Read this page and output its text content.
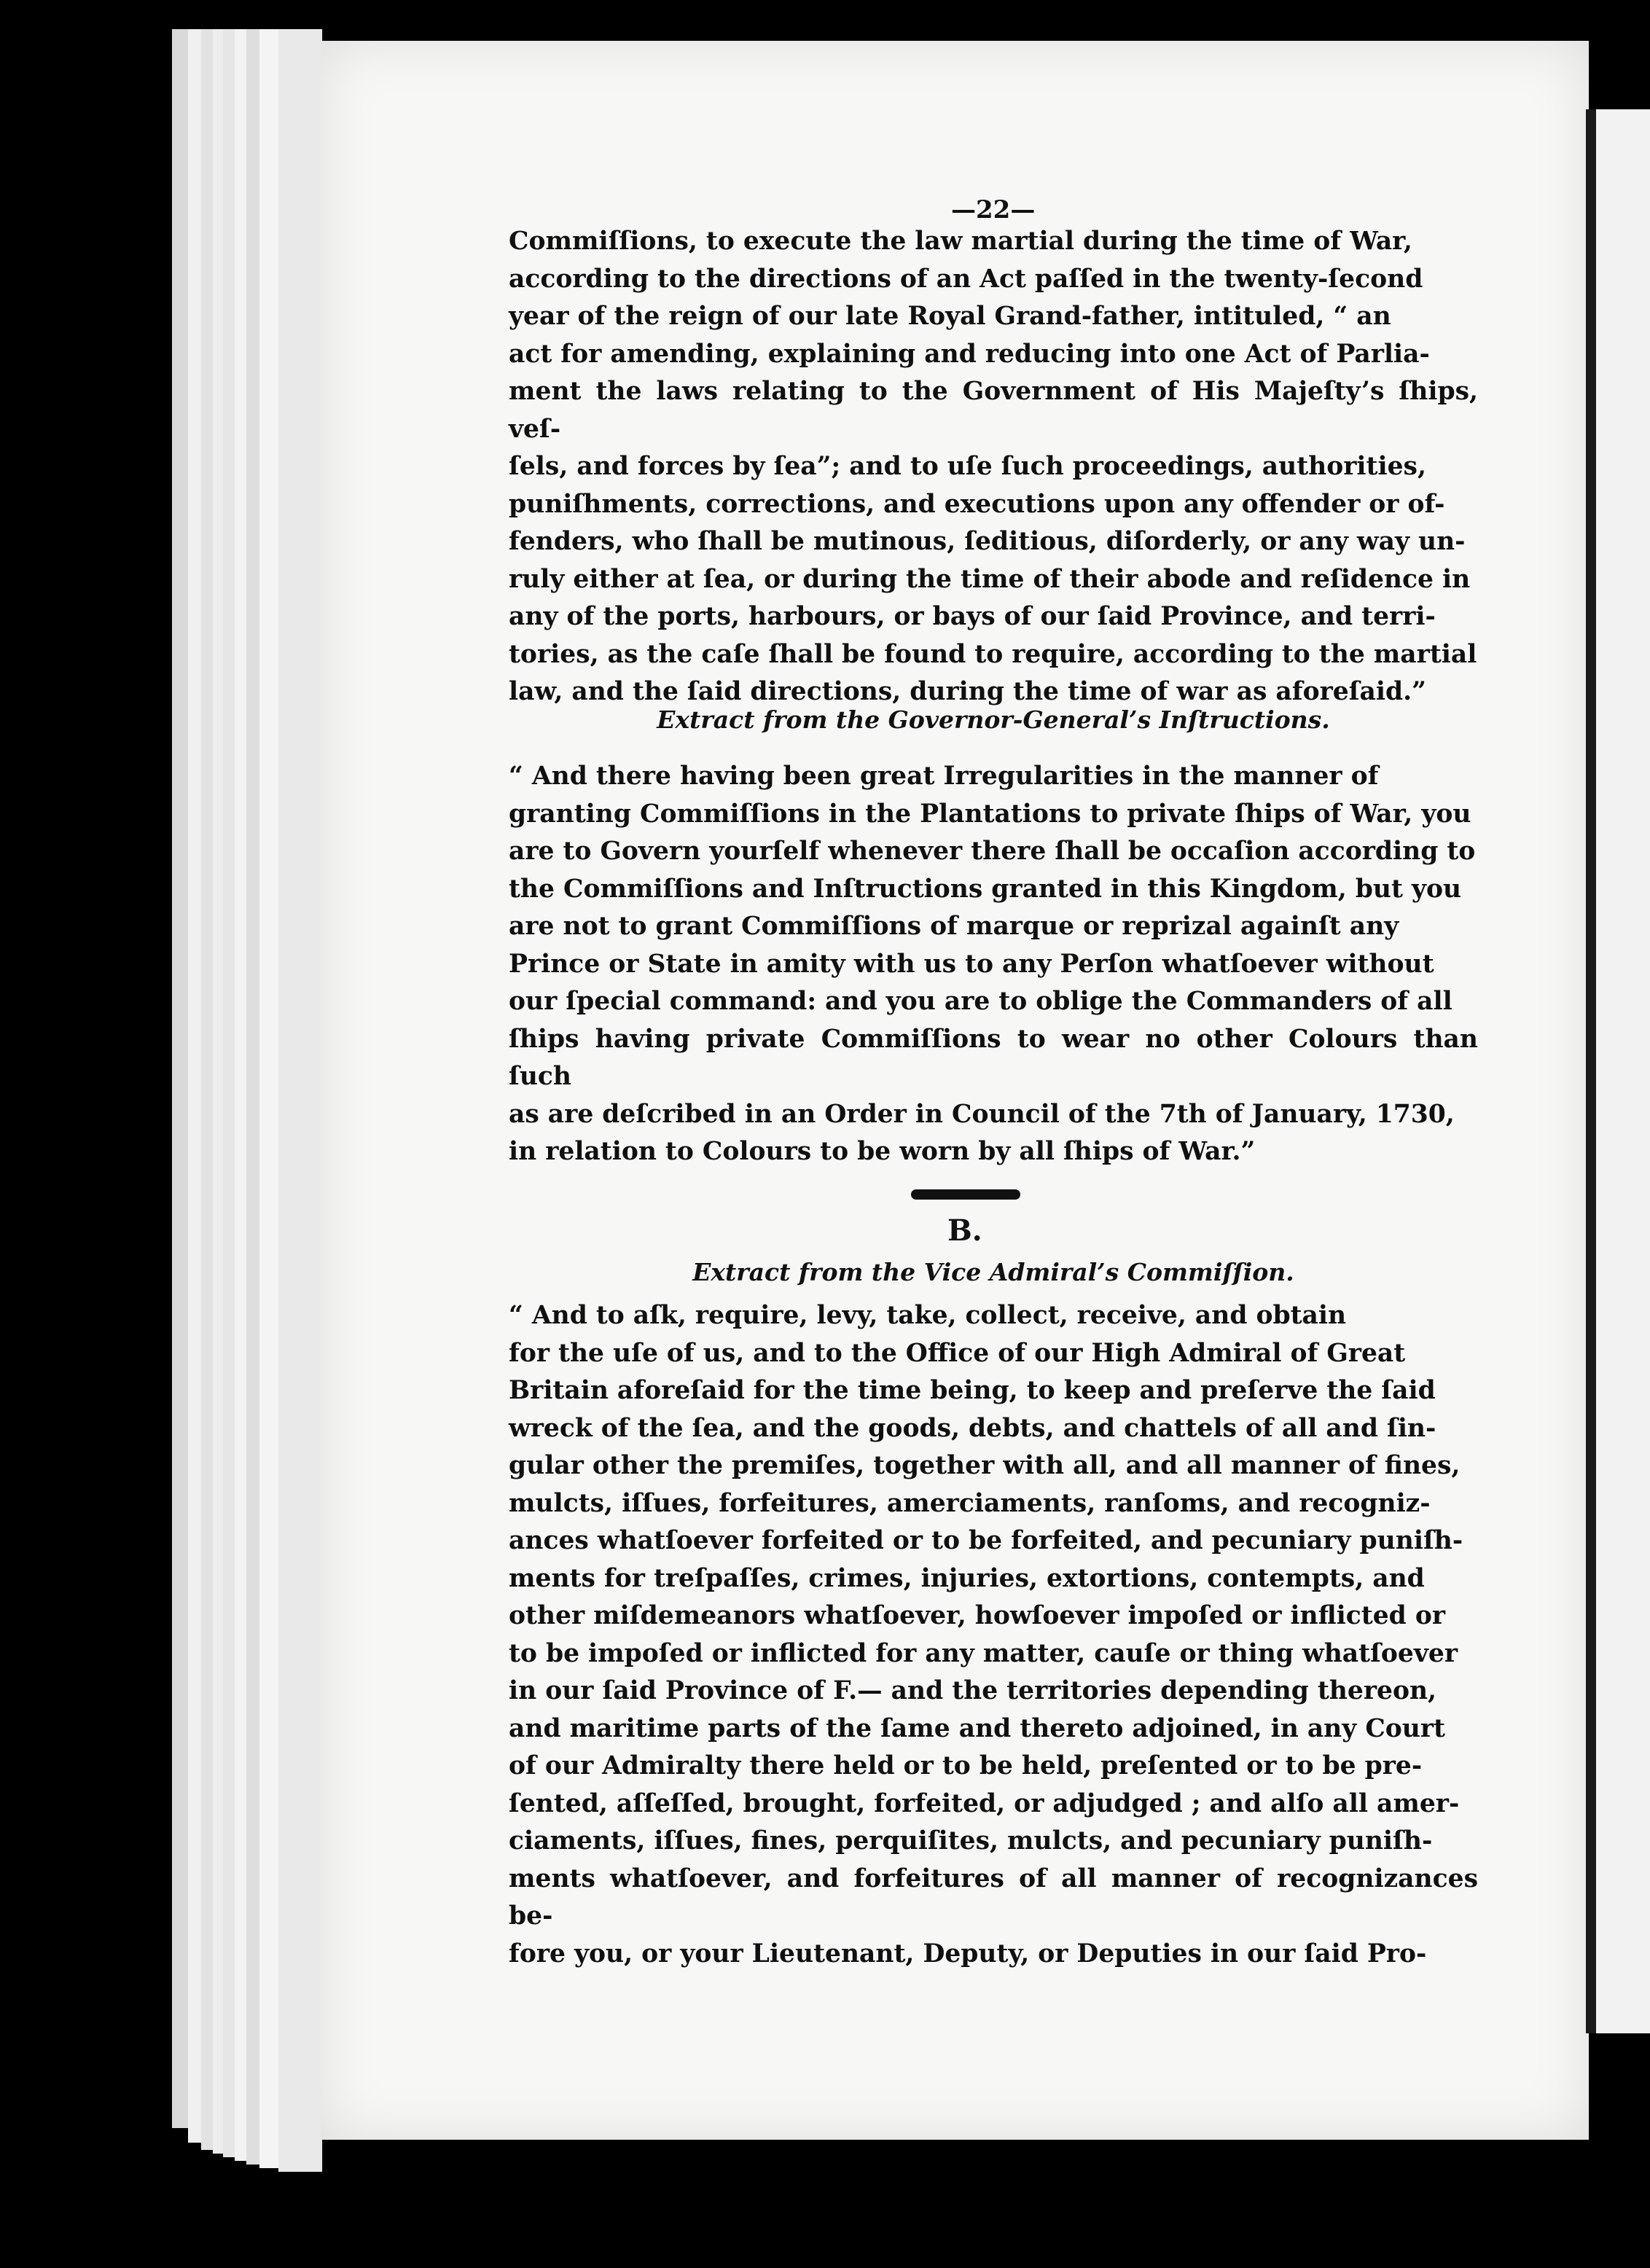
—22—
Commiſſions, to execute the law martial during the time of War,
according to the directions of an Act paſſed in the twenty-ſecond
year of the reign of our late Royal Grand-father, intituled, “ an
act for amending, explaining and reducing into one Act of Parlia-
ment the laws relating to the Government of His Majeſty’s ſhips, veſ-
ſels, and forces by ſea”; and to uſe ſuch proceedings, authorities,
puniſhments, corrections, and executions upon any offender or of-
fenders, who ſhall be mutinous, ſeditious, diſorderly, or any way un-
ruly either at ſea, or during the time of their abode and reſidence in
any of the ports, harbours, or bays of our ſaid Province, and terri-
tories, as the caſe ſhall be found to require, according to the martial
law, and the ſaid directions, during the time of war as aforeſaid.”
Extract from the Governor-General’s Inſtructions.
“ And there having been great Irregularities in the manner of
granting Commiſſions in the Plantations to private ſhips of War, you
are to Govern yourſelf whenever there ſhall be occaſion according to
the Commiſſions and Inſtructions granted in this Kingdom, but you
are not to grant Commiſſions of marque or reprizal againſt any
Prince or State in amity with us to any Perſon whatſoever without
our ſpecial command: and you are to oblige the Commanders of all
ſhips having private Commiſſions to wear no other Colours than ſuch
as are deſcribed in an Order in Council of the 7th of January, 1730,
in relation to Colours to be worn by all ſhips of War.”
B.
Extract from the Vice Admiral’s Commiſſion.
“ And to aſk, require, levy, take, collect, receive, and obtain
for the uſe of us, and to the Office of our High Admiral of Great
Britain aforeſaid for the time being, to keep and preſerve the ſaid
wreck of the ſea, and the goods, debts, and chattels of all and ſin-
gular other the premiſes, together with all, and all manner of fines,
mulcts, iſſues, forfeitures, amerciaments, ranſoms, and recogniz-
ances whatſoever forfeited or to be forfeited, and pecuniary puniſh-
ments for treſpaſſes, crimes, injuries, extortions, contempts, and
other miſdemeanors whatſoever, howſoever impoſed or inflicted or
to be impoſed or inflicted for any matter, cauſe or thing whatſoever
in our ſaid Province of F.— and the territories depending thereon,
and maritime parts of the ſame and thereto adjoined, in any Court
of our Admiralty there held or to be held, preſented or to be pre-
ſented, aſſeſſed, brought, forfeited, or adjudged ; and alſo all amer-
ciaments, iſſues, fines, perquiſites, mulcts, and pecuniary puniſh-
ments whatſoever, and forfeitures of all manner of recognizances be-
fore you, or your Lieutenant, Deputy, or Deputies in our ſaid Pro-
